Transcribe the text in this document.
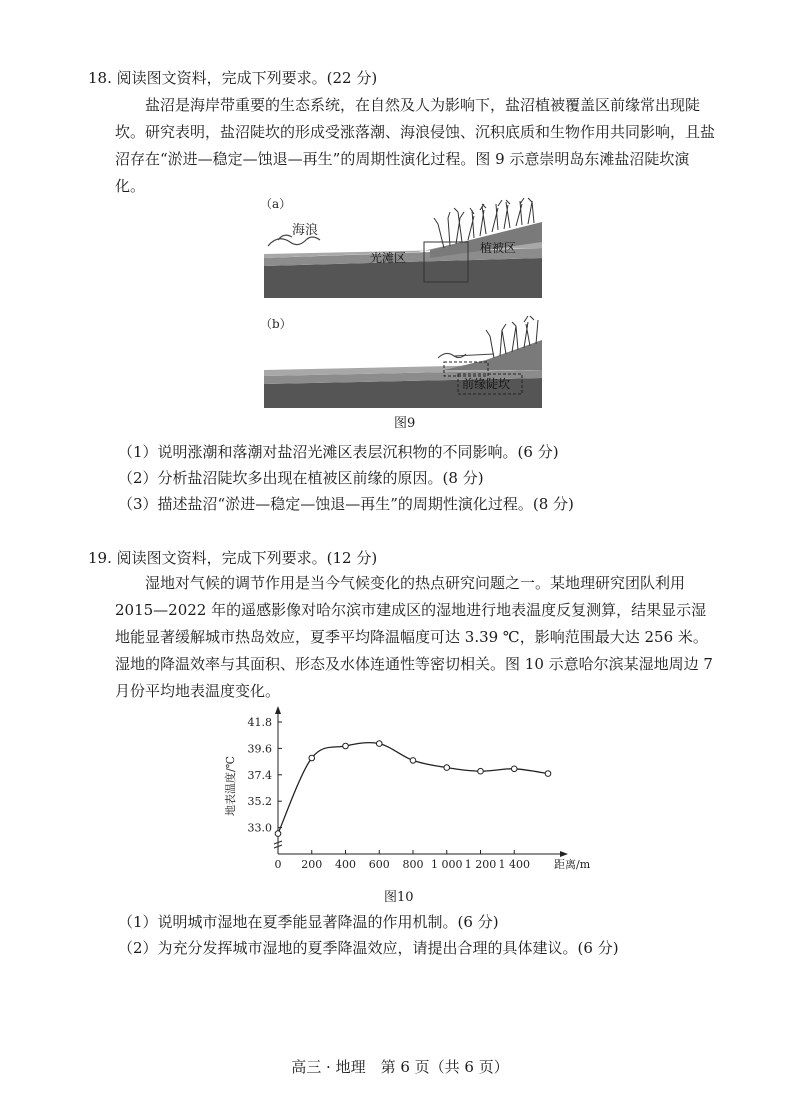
18. 阅读图文资料，完成下列要求。(22 分)
盐沼是海岸带重要的生态系统，在自然及人为影响下，盐沼植被覆盖区前缘常出现陡坎。研究表明，盐沼陡坎的形成受涨落潮、海浪侵蚀、沉积底质和生物作用共同影响，且盐沼存在“淤进—稳定—蚀退—再生”的周期性演化过程。图 9 示意崇明岛东滩盐沼陡坎演化。
（a）
海浪
光滩区
植被区
（b）
前缘陡坎
图9
（1）说明涨潮和落潮对盐沼光滩区表层沉积物的不同影响。(6 分)
（2）分析盐沼陡坎多出现在植被区前缘的原因。(8 分)
（3）描述盐沼“淤进—稳定—蚀退—再生”的周期性演化过程。(8 分)
19. 阅读图文资料，完成下列要求。(12 分)
湿地对气候的调节作用是当今气候变化的热点研究问题之一。某地理研究团队利用 2015—2022 年的遥感影像对哈尔滨市建成区的湿地进行地表温度反复测算，结果显示湿地能显著缓解城市热岛效应，夏季平均降温幅度可达 3.39 ℃，影响范围最大达 256 米。湿地的降温效率与其面积、形态及水体连通性等密切相关。图 10 示意哈尔滨某湿地周边 7 月份平均地表温度变化。
距离/m
地表温度/℃
33.0
35.2
37.4
39.6
41.8
0 200 400 600 800 1 000 1 200 1 400
图10
（1）说明城市湿地在夏季能显著降温的作用机制。(6 分)
（2）为充分发挥城市湿地的夏季降温效应，请提出合理的具体建议。(6 分)
高三 · 地理　第 6 页（共 6 页）
